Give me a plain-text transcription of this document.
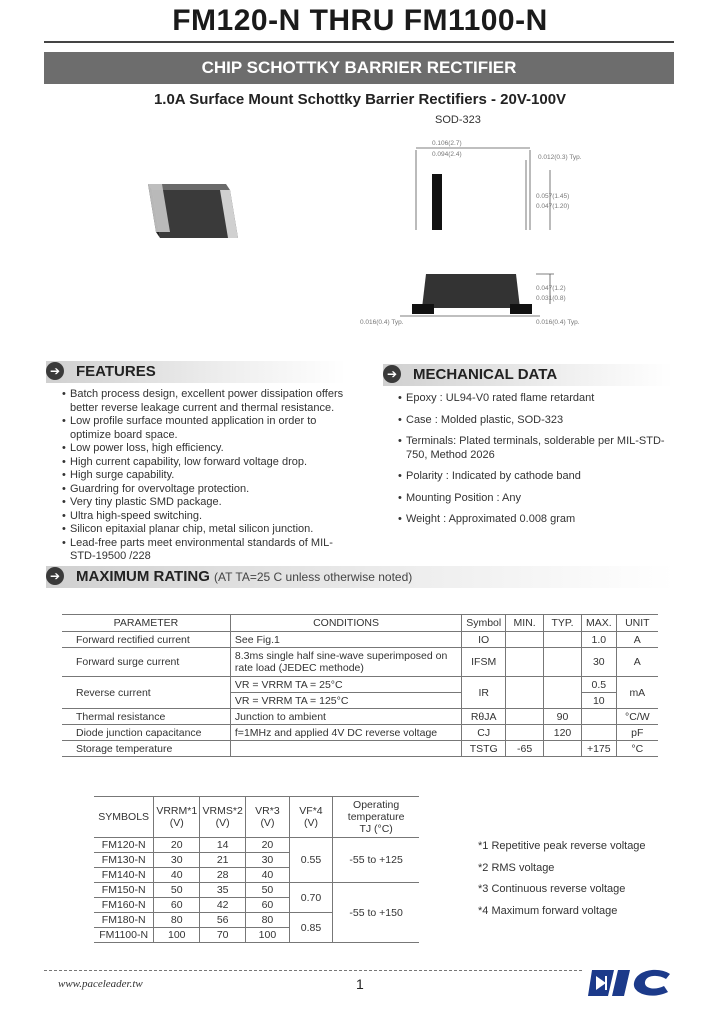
FM120-N THRU FM1100-N
CHIP SCHOTTKY BARRIER RECTIFIER
1.0A Surface Mount Schottky Barrier Rectifiers - 20V-100V
SOD-323
0.106(2.7)
0.094(2.4)	0.012(0.3) Typ.
0.057(1.45)
0.047(1.20)
0.047(1.2)
0.031(0.8)
0.016(0.4) Typ.	0.016(0.4) Typ.
➔	FEATURES
• Batch process design, excellent power dissipation offers better reverse leakage current and thermal resistance.
• Low profile surface mounted application in order to optimize board space.
• Low power loss, high efficiency.
• High current capability, low forward voltage drop.
• High surge capability.
• Guardring for overvoltage protection.
• Very tiny plastic SMD package.
• Ultra high-speed switching.
• Silicon epitaxial planar chip, metal silicon junction.
• Lead-free parts meet environmental standards of MIL-STD-19500 /228
➔	MECHANICAL DATA
• Epoxy : UL94-V0 rated flame retardant
• Case : Molded plastic, SOD-323
• Terminals: Plated terminals, solderable per MIL-STD-750, Method 2026
• Polarity : Indicated by cathode band
• Mounting Position : Any
• Weight : Approximated 0.008 gram
➔	MAXIMUM RATING (AT TA=25 C unless otherwise noted)
PARAMETER	CONDITIONS	Symbol	MIN.	TYP.	MAX.	UNIT
Forward rectified current	See Fig.1	IO			1.0	A
Forward surge current	8.3ms single half sine-wave superimposed on rate load (JEDEC methode)	IFSM			30	A
Reverse current	VR = VRRM TA = 25°C	IR			0.5	mA
	VR = VRRM TA = 125°C				10	
Thermal resistance	Junction to ambient	RθJA		90		°C/W
Diode junction capacitance	f=1MHz and applied 4V DC reverse voltage	CJ		120		pF
Storage temperature		TSTG	-65		+175	°C
SYMBOLS	VRRM*1
(V)	VRMS*2
(V)	VR*3
(V)	VF*4
(V)	Operating temperature
TJ (°C)
FM120-N	20	14	20	0.55	-55 to +125
FM130-N	30	21	30		
FM140-N	40	28	40		
FM150-N	50	35	50	0.70	-55 to +150
FM160-N	60	42	60		
FM180-N	80	56	80	0.85	
FM1100-N	100	70	100		
*1 Repetitive peak reverse voltage
*2 RMS voltage
*3 Continuous reverse voltage
*4 Maximum forward voltage
www.paceleader.tw	1
PiC
